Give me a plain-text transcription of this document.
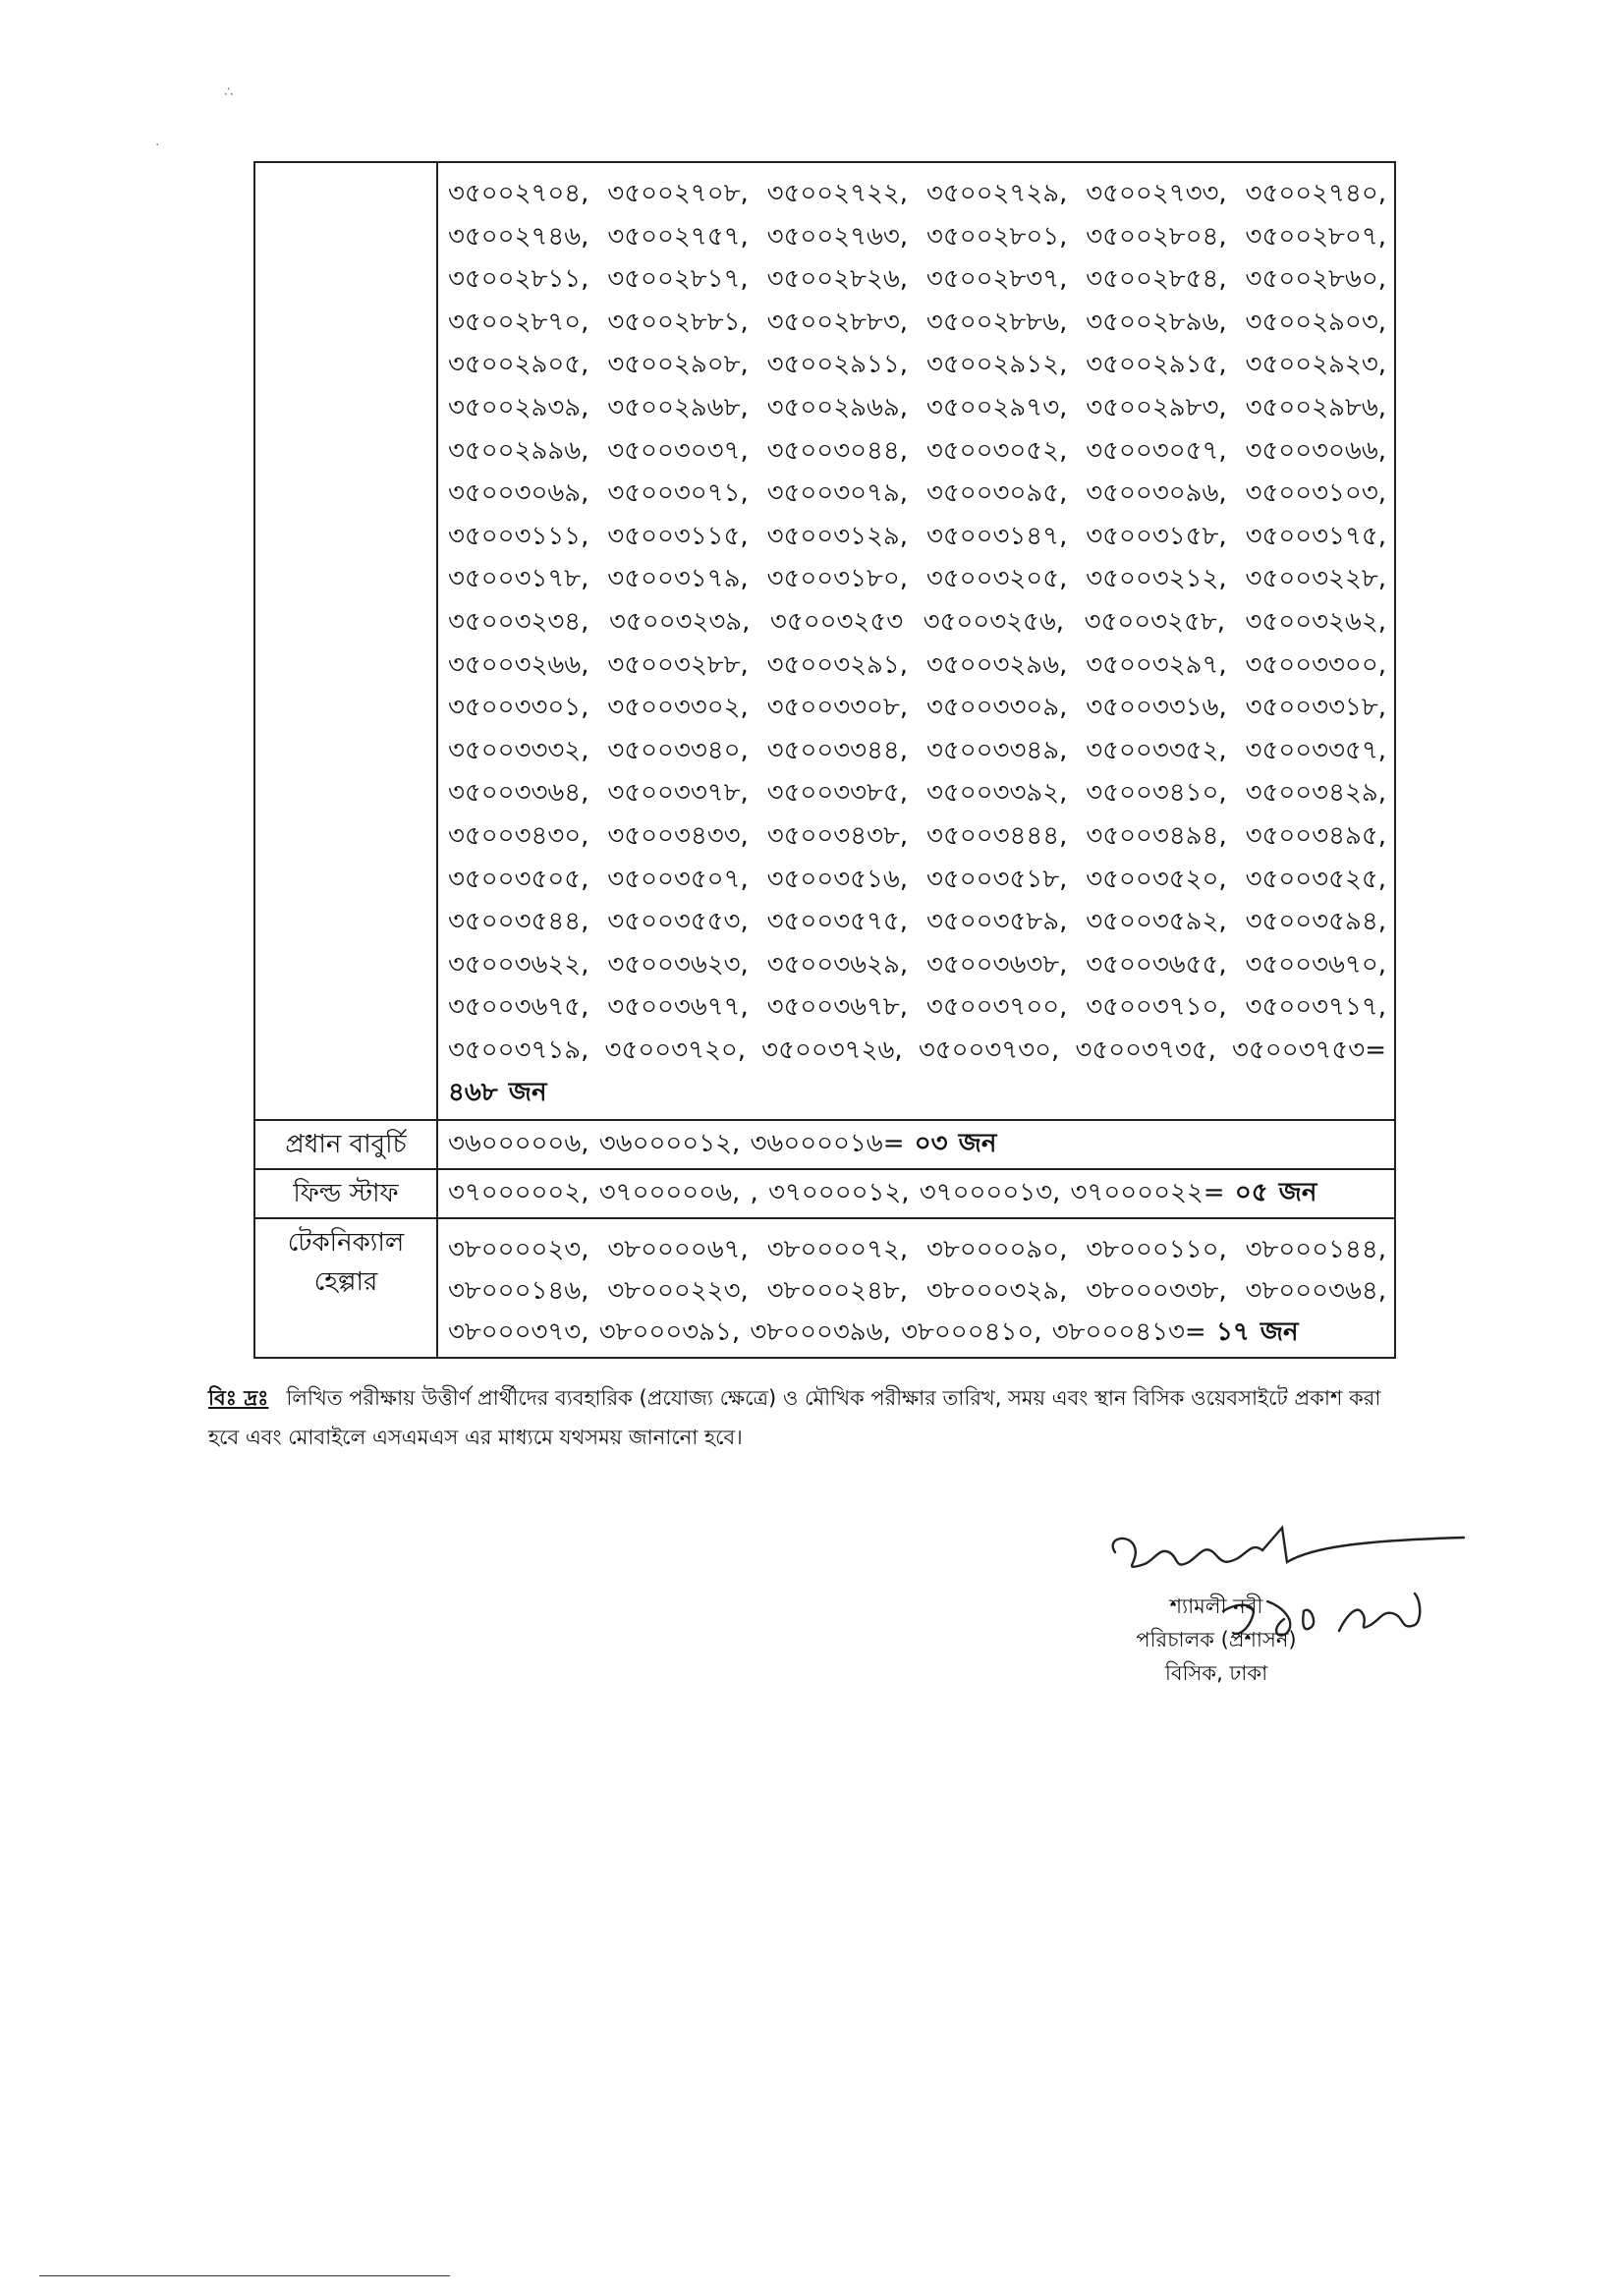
∴
·
	৩৫০০২৭০৪, ৩৫০০২৭০৮, ৩৫০০২৭২২, ৩৫০০২৭২৯, ৩৫০০২৭৩৩, ৩৫০০২৭৪০, ৩৫০০২৭৪৬, ৩৫০০২৭৫৭, ৩৫০০২৭৬৩, ৩৫০০২৮০১, ৩৫০০২৮০৪, ৩৫০০২৮০৭, ৩৫০০২৮১১, ৩৫০০২৮১৭, ৩৫০০২৮২৬, ৩৫০০২৮৩৭, ৩৫০০২৮৫৪, ৩৫০০২৮৬০, ৩৫০০২৮৭০, ৩৫০০২৮৮১, ৩৫০০২৮৮৩, ৩৫০০২৮৮৬, ৩৫০০২৮৯৬, ৩৫০০২৯০৩, ৩৫০০২৯০৫, ৩৫০০২৯০৮, ৩৫০০২৯১১, ৩৫০০২৯১২, ৩৫০০২৯১৫, ৩৫০০২৯২৩, ৩৫০০২৯৩৯, ৩৫০০২৯৬৮, ৩৫০০২৯৬৯, ৩৫০০২৯৭৩, ৩৫০০২৯৮৩, ৩৫০০২৯৮৬, ৩৫০০২৯৯৬, ৩৫০০৩০৩৭, ৩৫০০৩০৪৪, ৩৫০০৩০৫২, ৩৫০০৩০৫৭, ৩৫০০৩০৬৬, ৩৫০০৩০৬৯, ৩৫০০৩০৭১, ৩৫০০৩০৭৯, ৩৫০০৩০৯৫, ৩৫০০৩০৯৬, ৩৫০০৩১০৩, ৩৫০০৩১১১, ৩৫০০৩১১৫, ৩৫০০৩১২৯, ৩৫০০৩১৪৭, ৩৫০০৩১৫৮, ৩৫০০৩১৭৫, ৩৫০০৩১৭৮, ৩৫০০৩১৭৯, ৩৫০০৩১৮০, ৩৫০০৩২০৫, ৩৫০০৩২১২, ৩৫০০৩২২৮, ৩৫০০৩২৩৪, ৩৫০০৩২৩৯, ৩৫০০৩২৫৩ ৩৫০০৩২৫৬, ৩৫০০৩২৫৮, ৩৫০০৩২৬২, ৩৫০০৩২৬৬, ৩৫০০৩২৮৮, ৩৫০০৩২৯১, ৩৫০০৩২৯৬, ৩৫০০৩২৯৭, ৩৫০০৩৩০০, ৩৫০০৩৩০১, ৩৫০০৩৩০২, ৩৫০০৩৩০৮, ৩৫০০৩৩০৯, ৩৫০০৩৩১৬, ৩৫০০৩৩১৮, ৩৫০০৩৩৩২, ৩৫০০৩৩৪০, ৩৫০০৩৩৪৪, ৩৫০০৩৩৪৯, ৩৫০০৩৩৫২, ৩৫০০৩৩৫৭, ৩৫০০৩৩৬৪, ৩৫০০৩৩৭৮, ৩৫০০৩৩৮৫, ৩৫০০৩৩৯২, ৩৫০০৩৪১০, ৩৫০০৩৪২৯, ৩৫০০৩৪৩০, ৩৫০০৩৪৩৩, ৩৫০০৩৪৩৮, ৩৫০০৩৪৪৪, ৩৫০০৩৪৯৪, ৩৫০০৩৪৯৫, ৩৫০০৩৫০৫, ৩৫০০৩৫০৭, ৩৫০০৩৫১৬, ৩৫০০৩৫১৮, ৩৫০০৩৫২০, ৩৫০০৩৫২৫, ৩৫০০৩৫৪৪, ৩৫০০৩৫৫৩, ৩৫০০৩৫৭৫, ৩৫০০৩৫৮৯, ৩৫০০৩৫৯২, ৩৫০০৩৫৯৪, ৩৫০০৩৬২২, ৩৫০০৩৬২৩, ৩৫০০৩৬২৯, ৩৫০০৩৬৩৮, ৩৫০০৩৬৫৫, ৩৫০০৩৬৭০, ৩৫০০৩৬৭৫, ৩৫০০৩৬৭৭, ৩৫০০৩৬৭৮, ৩৫০০৩৭০০, ৩৫০০৩৭১০, ৩৫০০৩৭১৭, ৩৫০০৩৭১৯, ৩৫০০৩৭২০, ৩৫০০৩৭২৬, ৩৫০০৩৭৩০, ৩৫০০৩৭৩৫, ৩৫০০৩৭৫৩= ৪৬৮ জন
প্রধান বাবুর্চি	৩৬০০০০০৬, ৩৬০০০০১২, ৩৬০০০০১৬= ০৩ জন
ফিল্ড স্টাফ	৩৭০০০০০২, ৩৭০০০০০৬, , ৩৭০০০০১২, ৩৭০০০০১৩, ৩৭০০০০২২= ০৫ জন
টেকনিক্যাল হেল্পার	৩৮০০০০২৩, ৩৮০০০০৬৭, ৩৮০০০০৭২, ৩৮০০০০৯০, ৩৮০০০১১০, ৩৮০০০১৪৪, ৩৮০০০১৪৬, ৩৮০০০২২৩, ৩৮০০০২৪৮, ৩৮০০০৩২৯, ৩৮০০০৩৩৮, ৩৮০০০৩৬৪, ৩৮০০০৩৭৩, ৩৮০০০৩৯১, ৩৮০০০৩৯৬, ৩৮০০০৪১০, ৩৮০০০৪১৩= ১৭ জন
বিঃ দ্রঃ লিখিত পরীক্ষায় উত্তীর্ণ প্রার্থীদের ব্যবহারিক (প্রযোজ্য ক্ষেত্রে) ও মৌখিক পরীক্ষার তারিখ, সময় এবং স্থান বিসিক ওয়েবসাইটে প্রকাশ করা হবে এবং মোবাইলে এসএমএস এর মাধ্যমে যথসময় জানানো হবে।
শ্যামলী নবী
পরিচালক (প্রশাসন)
বিসিক, ঢাকা
